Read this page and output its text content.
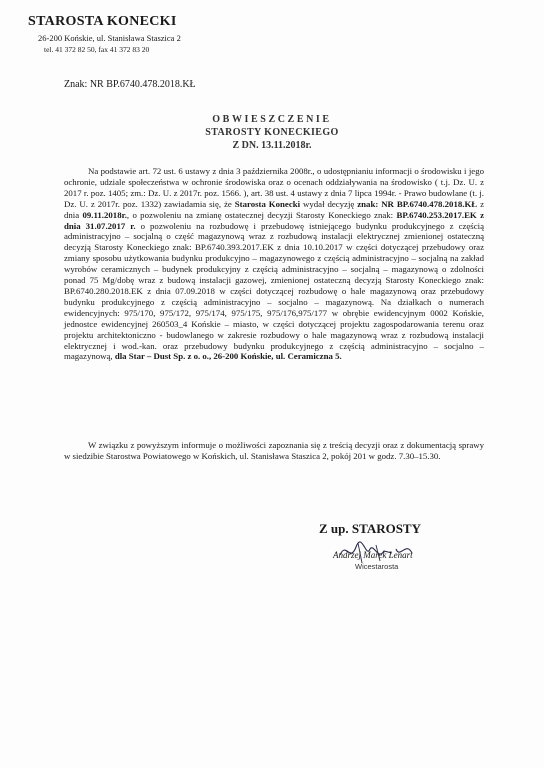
STAROSTA KONECKI
26-200 Końskie, ul. Stanisława Staszica 2
tel. 41 372 82 50, fax 41 372 83 20
Znak: NR BP.6740.478.2018.KŁ
OBWIESZCZENIE
STAROSTY KONECKIEGO
Z DN. 13.11.2018r.

Na podstawie art. 72 ust. 6 ustawy z dnia 3 października 2008r., o udostępnianiu informacji o środowisku i jego ochronie, udziale społeczeństwa w ochronie środowiska oraz o ocenach oddziaływania na środowisko ( t.j. Dz. U. z 2017 r. poz. 1405; zm.: Dz. U. z 2017r. poz. 1566. ), art. 38 ust. 4 ustawy z dnia 7 lipca 1994r. - Prawo budowlane (t. j. Dz. U. z 2017r. poz. 1332) zawiadamia się, że Starosta Konecki wydał decyzję znak: NR BP.6740.478.2018.KŁ z dnia 09.11.2018r., o pozwoleniu na zmianę ostatecznej decyzji Starosty Koneckiego znak: BP.6740.253.2017.EK z dnia 31.07.2017 r. o pozwoleniu na rozbudowę i przebudowę istniejącego budynku produkcyjnego z częścią administracyjno – socjalną o część magazynową wraz z rozbudową instalacji elektrycznej zmienionej ostateczną decyzją Starosty Koneckiego znak: BP.6740.393.2017.EK z dnia 10.10.2017 w części dotyczącej przebudowy oraz zmiany sposobu użytkowania budynku produkcyjno – magazynowego z częścią administracyjno – socjalną na zakład wyrobów ceramicznych – budynek produkcyjny z częścią administracyjno – socjalną – magazynową o zdolności ponad 75 Mg/dobę wraz z budową instalacji gazowej, zmienionej ostateczną decyzją Starosty Koneckiego znak: BP.6740.280.2018.EK z dnia 07.09.2018 w części dotyczącej rozbudowę o hale magazynową oraz przebudowy budynku produkcyjnego z częścią administracyjno – socjalno – magazynową. Na działkach o numerach ewidencyjnych: 975/170, 975/172, 975/174, 975/175, 975/176,975/177 w obrębie ewidencyjnym 0002 Końskie, jednostce ewidencyjnej 260503_4 Końskie – miasto, w części dotyczącej projektu zagospodarowania terenu oraz projektu architektoniczno - budowlanego w zakresie rozbudowy o hale magazynową wraz z rozbudową instalacji elektrycznej i wod.-kan. oraz przebudowy budynku produkcyjnego z częścią administracyjno – socjalno – magazynową, dla Star – Dust Sp. z o. o., 26-200 Końskie, ul. Ceramiczna 5.

W związku z powyższym informuje o możliwości zapoznania się z treścią decyzji oraz z dokumentacją sprawy w siedzibie Starostwa Powiatowego w Końskich, ul. Stanisława Staszica 2, pokój 201 w godz. 7.30–15.30.

Z up. STAROSTY
Andrzej Marek Lenart
Wicestarosta
